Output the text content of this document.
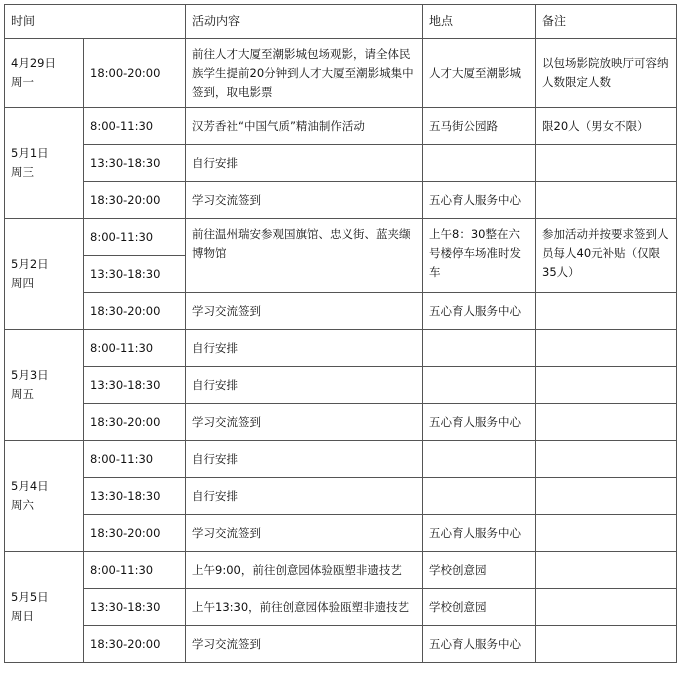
时间		活动内容	地点	备注

4月29日
周一	18:00-20:00	前往人才大厦至潮影城包场观影，请全体民族学生提前20分钟到人才大厦至潮影城集中签到，取电影票	人才大厦至潮影城	以包场影院放映厅可容纳人数限定人数

5月1日
周三	8:00-11:30	汉芳香社“中国气质”精油制作活动	五马街公园路	限20人（男女不限）
	13:30-18:30	自行安排		
	18:30-20:00	学习交流签到	五心育人服务中心	

5月2日
周四	8:00-11:30	前往温州瑞安参观国旗馆、忠义街、蓝夹缬博物馆	上午8：30整在六号楼停车场准时发车	参加活动并按要求签到人员每人40元补贴（仅限35人）
	13:30-18:30			
	18:30-20:00	学习交流签到	五心育人服务中心	

5月3日
周五	8:00-11:30	自行安排		
	13:30-18:30	自行安排		
	18:30-20:00	学习交流签到	五心育人服务中心	

5月4日
周六	8:00-11:30	自行安排		
	13:30-18:30	自行安排		
	18:30-20:00	学习交流签到	五心育人服务中心	

5月5日
周日	8:00-11:30	上午9:00，前往创意园体验瓯塑非遗技艺	学校创意园	
	13:30-18:30	上午13:30，前往创意园体验瓯塑非遗技艺	学校创意园	
	18:30-20:00	学习交流签到	五心育人服务中心	
